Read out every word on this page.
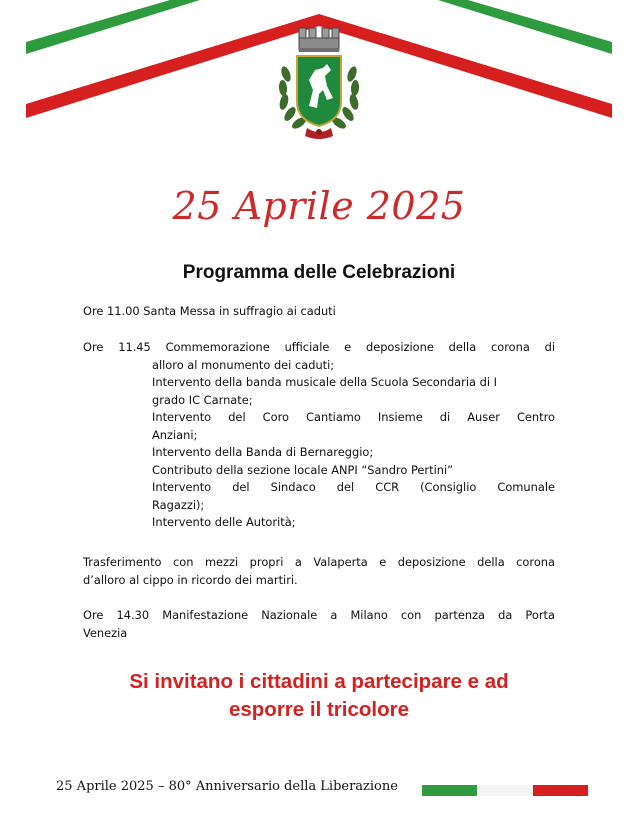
25 Aprile 2025
Programma delle Celebrazioni
Ore 11.00 Santa Messa in suffragio ai caduti
Ore 11.45 Commemorazione ufficiale e deposizione della corona di
alloro al monumento dei caduti;
Intervento della banda musicale della Scuola Secondaria di I
grado IC Carnate;
Intervento del Coro Cantiamo Insieme di Auser Centro
Anziani;
Intervento della Banda di Bernareggio;
Contributo della sezione locale ANPI “Sandro Pertini”
Intervento del Sindaco del CCR (Consiglio Comunale
Ragazzi);
Intervento delle Autorità;
Trasferimento con mezzi propri a Valaperta e deposizione della corona
d’alloro al cippo in ricordo dei martiri.
Ore 14.30 Manifestazione Nazionale a Milano con partenza da Porta
Venezia
Si invitano i cittadini a partecipare e ad
esporre il tricolore
25 Aprile 2025 – 80° Anniversario della Liberazione
